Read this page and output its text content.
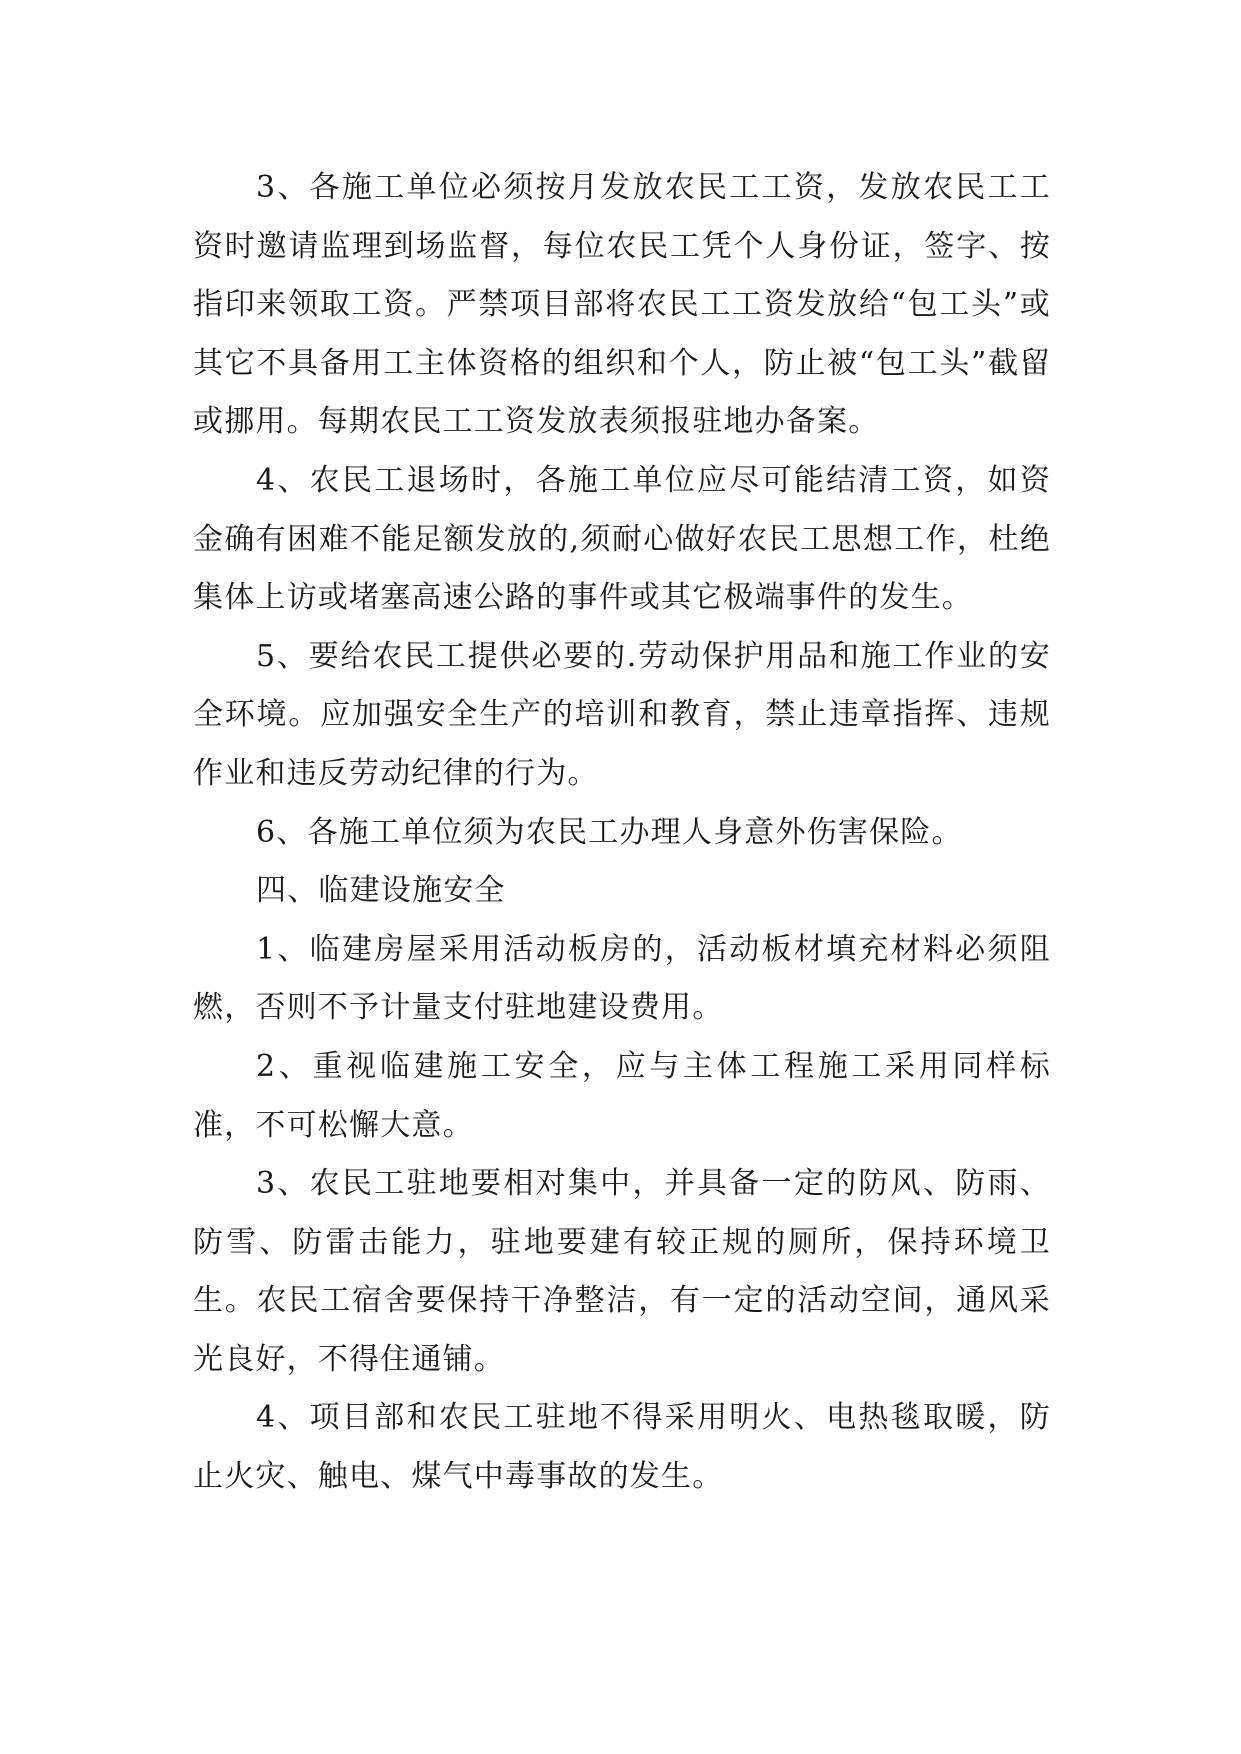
3、各施工单位必须按月发放农民工工资，发放农民工工资时邀请监理到场监督，每位农民工凭个人身份证，签字、按指印来领取工资。严禁项目部将农民工工资发放给“包工头”或其它不具备用工主体资格的组织和个人，防止被“包工头”截留或挪用。每期农民工工资发放表须报驻地办备案。

4、农民工退场时，各施工单位应尽可能结清工资，如资金确有困难不能足额发放的,须耐心做好农民工思想工作，杜绝集体上访或堵塞高速公路的事件或其它极端事件的发生。

5、要给农民工提供必要的.劳动保护用品和施工作业的安全环境。应加强安全生产的培训和教育，禁止违章指挥、违规作业和违反劳动纪律的行为。

6、各施工单位须为农民工办理人身意外伤害保险。

四、临建设施安全

1、临建房屋采用活动板房的，活动板材填充材料必须阻燃，否则不予计量支付驻地建设费用。

2、重视临建施工安全，应与主体工程施工采用同样标准，不可松懈大意。

3、农民工驻地要相对集中，并具备一定的防风、防雨、防雪、防雷击能力，驻地要建有较正规的厕所，保持环境卫生。农民工宿舍要保持干净整洁，有一定的活动空间，通风采光良好，不得住通铺。

4、项目部和农民工驻地不得采用明火、电热毯取暖，防止火灾、触电、煤气中毒事故的发生。
